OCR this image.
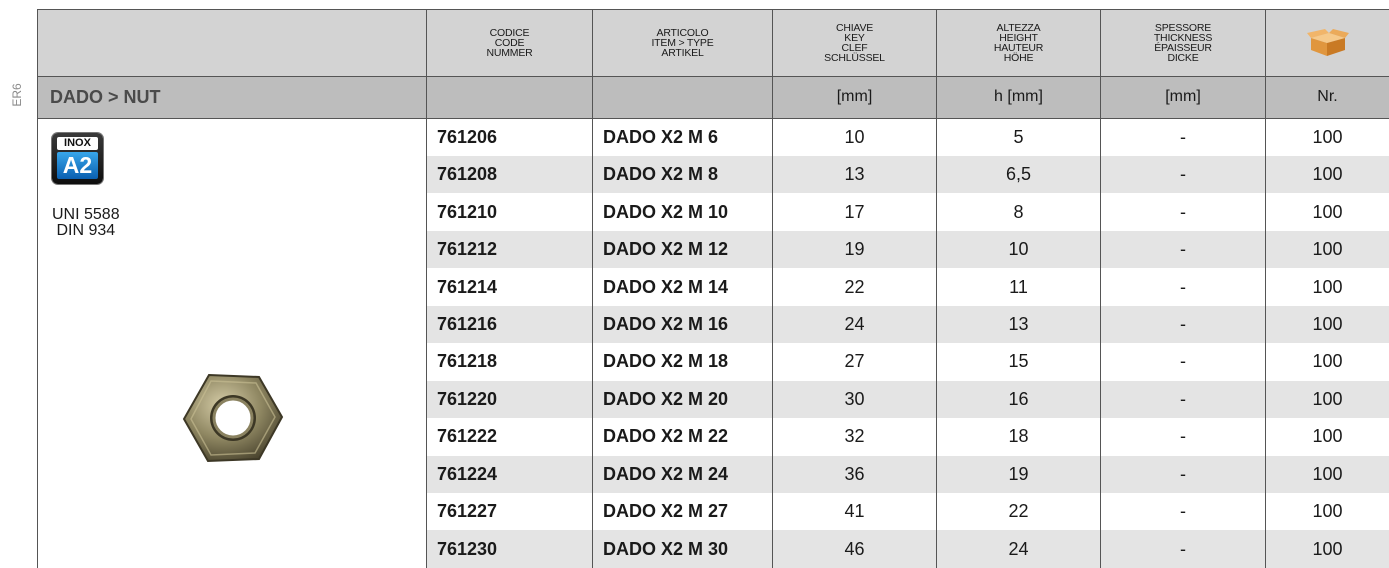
ER6

	CODICE
CODE
NUMMER	ARTICOLO
ITEM > TYPE
ARTIKEL	CHIAVE
KEY
CLEF
SCHLÜSSEL	ALTEZZA
HEIGHT
HAUTEUR
HÖHE	SPESSORE
THICKNESS
ÉPAISSEUR
DICKE

DADO > NUT			[mm]	h [mm]	[mm]	Nr.

INOX
A2
UNI 5588
DIN 934	761206	DADO X2 M 6	10	5	-	100
	761208	DADO X2 M 8	13	6,5	-	100
	761210	DADO X2 M 10	17	8	-	100
	761212	DADO X2 M 12	19	10	-	100
	761214	DADO X2 M 14	22	11	-	100
	761216	DADO X2 M 16	24	13	-	100
	761218	DADO X2 M 18	27	15	-	100
	761220	DADO X2 M 20	30	16	-	100
	761222	DADO X2 M 22	32	18	-	100
	761224	DADO X2 M 24	36	19	-	100
	761227	DADO X2 M 27	41	22	-	100
	761230	DADO X2 M 30	46	24	-	100
